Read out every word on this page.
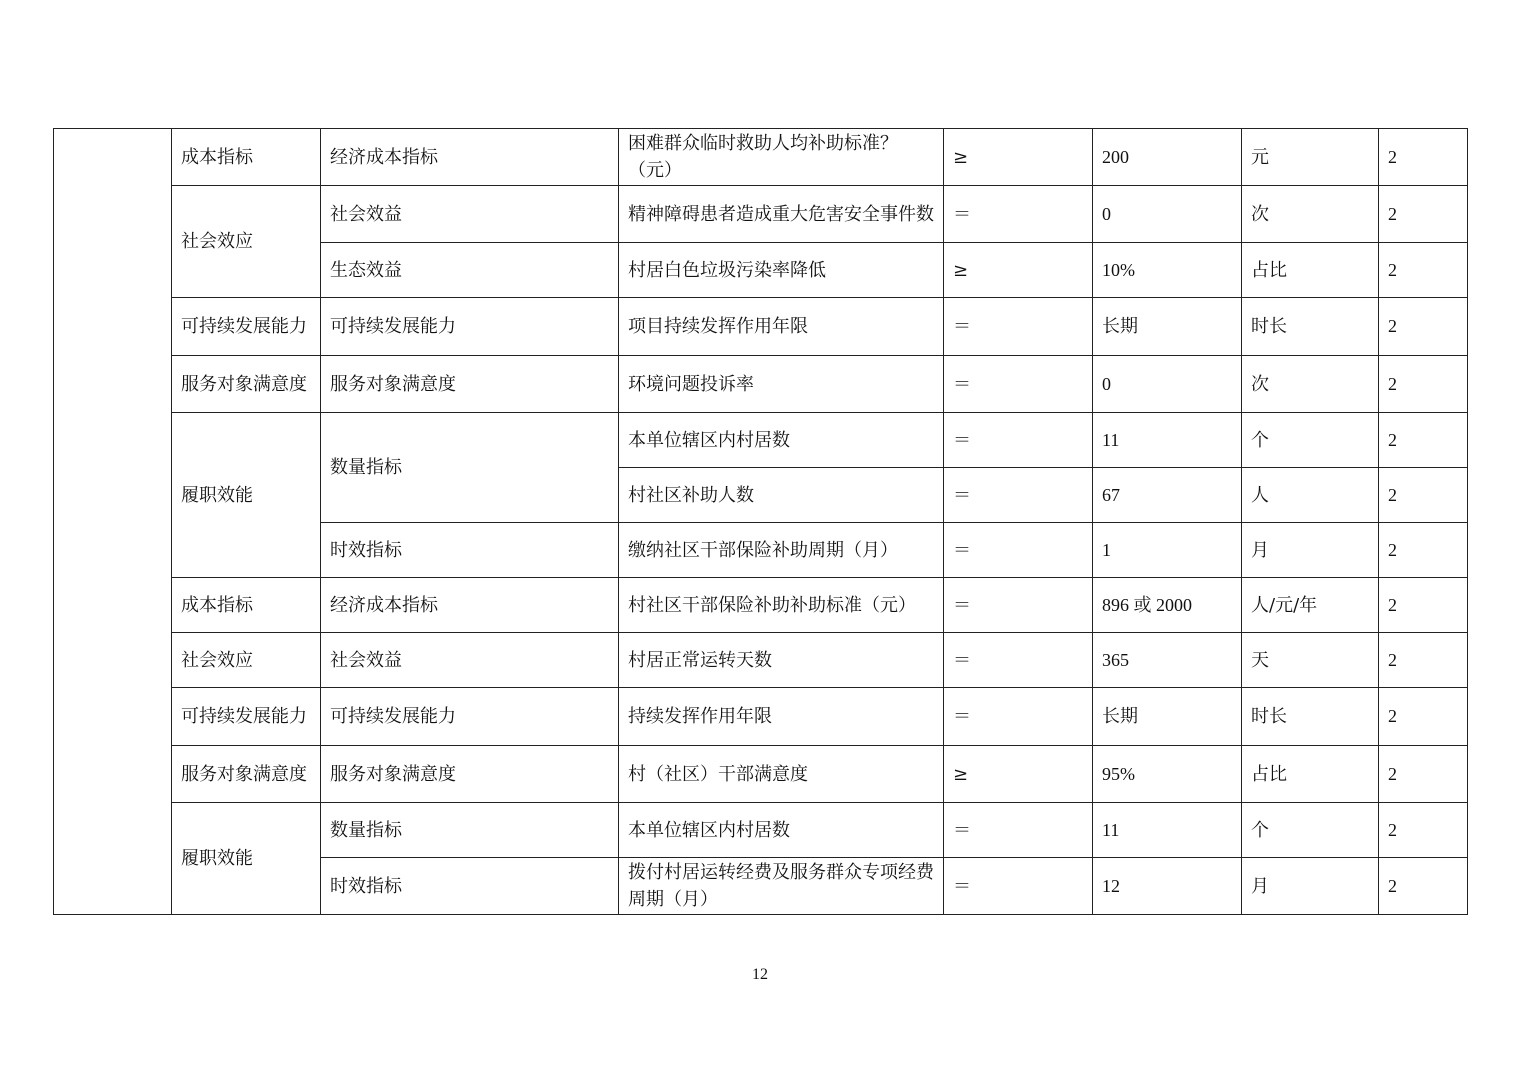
	成本指标	经济成本指标	困难群众临时救助人均补助标准？（元）	≥	200	元	2
	社会效应	社会效益	精神障碍患者造成重大危害安全事件数	＝	0	次	2
		生态效益	村居白色垃圾污染率降低	≥	10%	占比	2
	可持续发展能力	可持续发展能力	项目持续发挥作用年限	＝	长期	时长	2
	服务对象满意度	服务对象满意度	环境问题投诉率	＝	0	次	2
	履职效能	数量指标	本单位辖区内村居数	＝	11	个	2
			村社区补助人数	＝	67	人	2
		时效指标	缴纳社区干部保险补助周期（月）	＝	1	月	2
	成本指标	经济成本指标	村社区干部保险补助补助标准（元）	＝	896 或 2000	人/元/年	2
	社会效应	社会效益	村居正常运转天数	＝	365	天	2
	可持续发展能力	可持续发展能力	持续发挥作用年限	＝	长期	时长	2
	服务对象满意度	服务对象满意度	村（社区）干部满意度	≥	95%	占比	2
	履职效能	数量指标	本单位辖区内村居数	＝	11	个	2
		时效指标	拨付村居运转经费及服务群众专项经费周期（月）	＝	12	月	2
12
